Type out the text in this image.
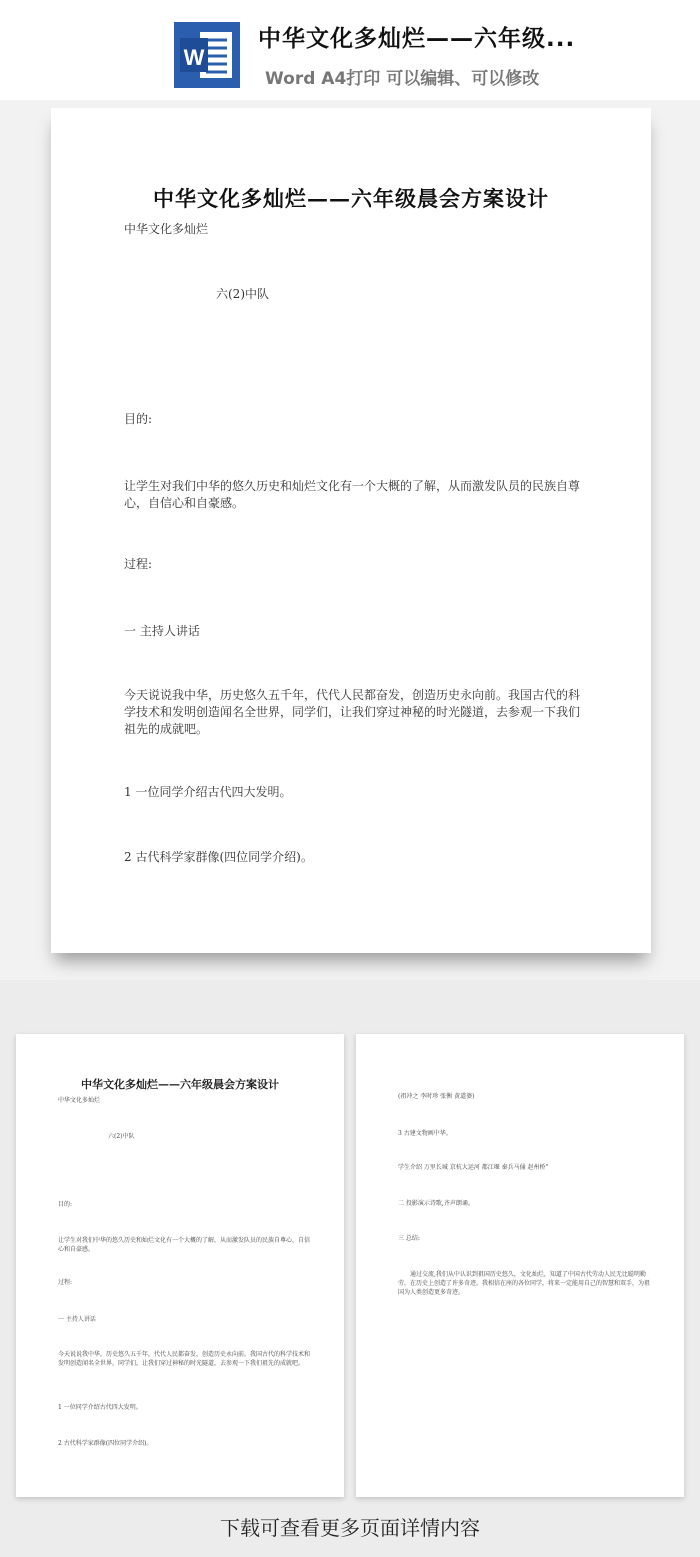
W
中华文化多灿烂——六年级...
Word A4打印 可以编辑、可以修改
中华文化多灿烂——六年级晨会方案设计
中华文化多灿烂
六(2)中队
目的:
让学生对我们中华的悠久历史和灿烂文化有一个大概的了解，从而激发队员的民族自尊心，自信心和自豪感。
过程:
一 主持人讲话
今天说说我中华，历史悠久五千年，代代人民都奋发，创造历史永向前。我国古代的科学技术和发明创造闻名全世界，同学们，让我们穿过神秘的时光隧道，去参观一下我们祖先的成就吧。
1 一位同学介绍古代四大发明。
2 古代科学家群像(四位同学介绍)。
中华文化多灿烂——六年级晨会方案设计
中华文化多灿烂
六(2)中队
目的:
让学生对我们中华的悠久历史和灿烂文化有一个大概的了解，从而激发队员的民族自尊心，自信心和自豪感。
过程:
一 主持人讲话
今天说说我中华，历史悠久五千年，代代人民都奋发，创造历史永向前。我国古代的科学技术和发明创造闻名全世界，同学们，让我们穿过神秘的时光隧道，去参观一下我们祖先的成就吧。
1 一位同学介绍古代四大发明。
2 古代科学家群像(四位同学介绍)。
(祖冲之 李时珍 张衡 黄道婆)
3 古建文物画中华。
学生介绍 万里长城 京杭大运河 都江堰 秦兵马俑 赵州桥"
二 投影演示诗歌,齐声朗诵。
三 总结:
通过交流,我们从中认识到祖国历史悠久，文化灿烂，知道了中国古代劳动人民无比聪明勤劳，在历史上创造了许多奇迹。我相信在座的各位同学，将来一定能用自己的智慧和双手，为祖国为人类创造更多奇迹。
下载可查看更多页面详情内容
